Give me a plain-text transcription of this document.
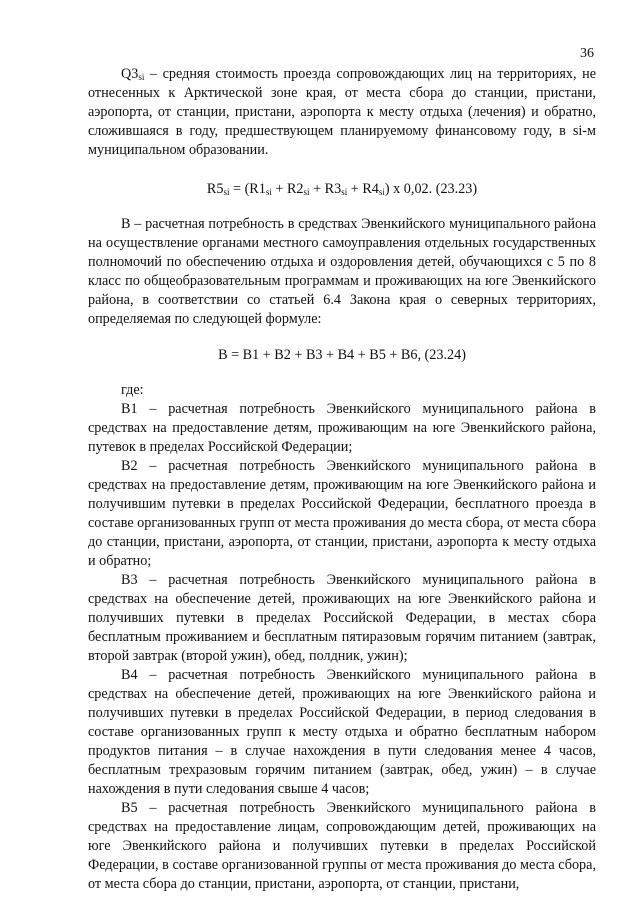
36

$Q3_{si}$ – средняя стоимость проезда сопровождающих лиц на территориях, не отнесенных к Арктической зоне края, от места сбора до станции, пристани, аэропорта, от станции, пристани, аэропорта к месту отдыха (лечения) и обратно, сложившаяся в году, предшествующем планируемому финансовому году, в si-м муниципальном образовании.

$R5_{si} = (R1_{si} + R2_{si} + R3_{si} + R4_{si})$ x 0,02. (23.23)

B – расчетная потребность в средствах Эвенкийского муниципального района на осуществление органами местного самоуправления отдельных государственных полномочий по обеспечению отдыха и оздоровления детей, обучающихся с 5 по 8 класс по общеобразовательным программам и проживающих на юге Эвенкийского района, в соответствии со статьей 6.4 Закона края о северных территориях, определяемая по следующей формуле:

B = B1 + B2 + B3 + B4 + B5 + B6, (23.24)

где:

B1 – расчетная потребность Эвенкийского муниципального района в средствах на предоставление детям, проживающим на юге Эвенкийского района, путевок в пределах Российской Федерации;

B2 – расчетная потребность Эвенкийского муниципального района в средствах на предоставление детям, проживающим на юге Эвенкийского района и получившим путевки в пределах Российской Федерации, бесплатного проезда в составе организованных групп от места проживания до места сбора, от места сбора до станции, пристани, аэропорта, от станции, пристани, аэропорта к месту отдыха и обратно;

B3 – расчетная потребность Эвенкийского муниципального района в средствах на обеспечение детей, проживающих на юге Эвенкийского района и получивших путевки в пределах Российской Федерации, в местах сбора бесплатным проживанием и бесплатным пятиразовым горячим питанием (завтрак, второй завтрак (второй ужин), обед, полдник, ужин);

B4 – расчетная потребность Эвенкийского муниципального района в средствах на обеспечение детей, проживающих на юге Эвенкийского района и получивших путевки в пределах Российской Федерации, в период следования в составе организованных групп к месту отдыха и обратно бесплатным набором продуктов питания – в случае нахождения в пути следования менее 4 часов, бесплатным трехразовым горячим питанием (завтрак, обед, ужин) – в случае нахождения в пути следования свыше 4 часов;

B5 – расчетная потребность Эвенкийского муниципального района в средствах на предоставление лицам, сопровождающим детей, проживающих на юге Эвенкийского района и получивших путевки в пределах Российской Федерации, в составе организованной группы от места проживания до места сбора, от места сбора до станции, пристани, аэропорта, от станции, пристани,
